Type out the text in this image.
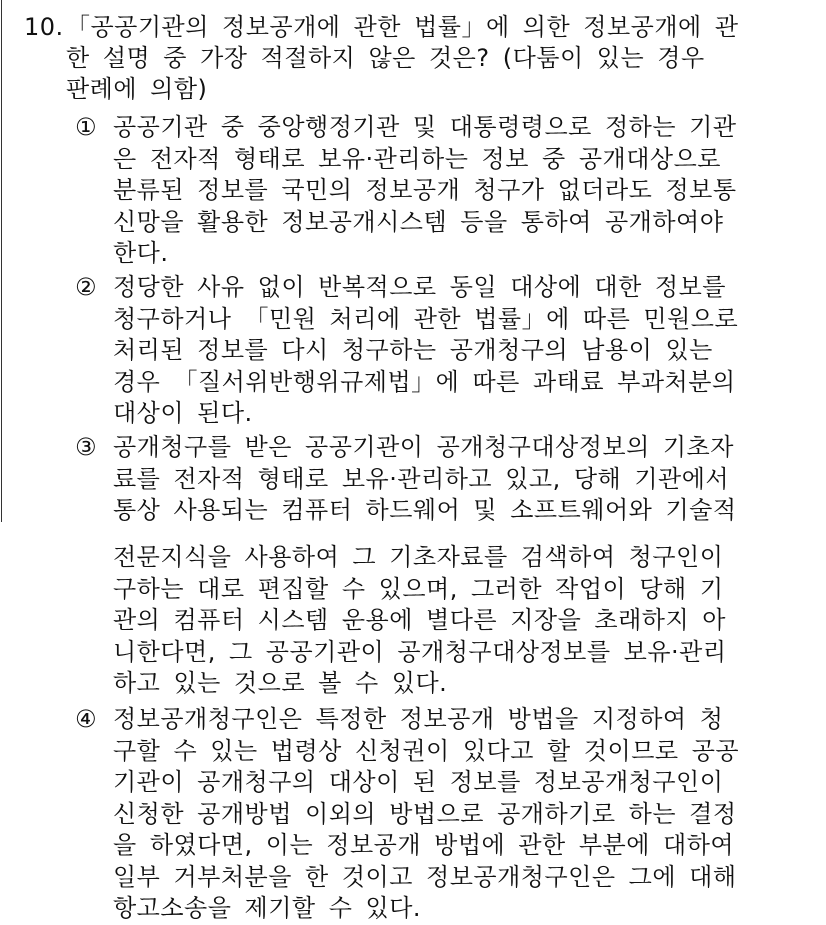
10. 「공공기관의 정보공개에 관한 법률」에 의한 정보공개에 관
한 설명 중 가장 적절하지 않은 것은? (다툼이 있는 경우
판례에 의함)
① 공공기관 중 중앙행정기관 및 대통령령으로 정하는 기관
은 전자적 형태로 보유·관리하는 정보 중 공개대상으로
분류된 정보를 국민의 정보공개 청구가 없더라도 정보통
신망을 활용한 정보공개시스템 등을 통하여 공개하여야
한다.
② 정당한 사유 없이 반복적으로 동일 대상에 대한 정보를
청구하거나 「민원 처리에 관한 법률」에 따른 민원으로
처리된 정보를 다시 청구하는 공개청구의 남용이 있는
경우 「질서위반행위규제법」에 따른 과태료 부과처분의
대상이 된다.
③ 공개청구를 받은 공공기관이 공개청구대상정보의 기초자
료를 전자적 형태로 보유·관리하고 있고, 당해 기관에서
통상 사용되는 컴퓨터 하드웨어 및 소프트웨어와 기술적
전문지식을 사용하여 그 기초자료를 검색하여 청구인이
구하는 대로 편집할 수 있으며, 그러한 작업이 당해 기
관의 컴퓨터 시스템 운용에 별다른 지장을 초래하지 아
니한다면, 그 공공기관이 공개청구대상정보를 보유·관리
하고 있는 것으로 볼 수 있다.
④ 정보공개청구인은 특정한 정보공개 방법을 지정하여 청
구할 수 있는 법령상 신청권이 있다고 할 것이므로 공공
기관이 공개청구의 대상이 된 정보를 정보공개청구인이
신청한 공개방법 이외의 방법으로 공개하기로 하는 결정
을 하였다면, 이는 정보공개 방법에 관한 부분에 대하여
일부 거부처분을 한 것이고 정보공개청구인은 그에 대해
항고소송을 제기할 수 있다.
